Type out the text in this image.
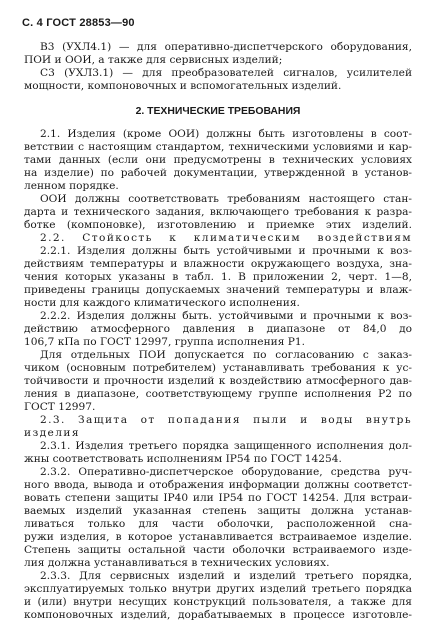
С. 4 ГОСТ 28853—90
В3 (УХЛ4.1) — для оперативно-диспетчерского оборудования,
ПОИ и ООИ, а также для сервисных изделий;
С3 (УХЛ3.1) — для преобразователей сигналов, усилителей
мощности, компоновочных и вспомогательных изделий.
2. ТЕХНИЧЕСКИЕ ТРЕБОВАНИЯ
2.1. Изделия (кроме ООИ) должны быть изготовлены в соот-
ветствии с настоящим стандартом, техническими условиями и кар-
тами данных (если они предусмотрены в технических условиях
на изделие) по рабочей документации, утвержденной в установ-
ленном порядке.
ООИ должны соответствовать требованиям настоящего стан-
дарта и технического задания, включающего требования к разра-
ботке (компоновке), изготовлению и приемке этих изделий.
2.2. Стойкость к климатическим воздействиям
2.2.1. Изделия должны быть устойчивыми и прочными к воз-
действиям температуры и влажности окружающего воздуха, зна-
чения которых указаны в табл. 1. В приложении 2, черт. 1—8,
приведены границы допускаемых значений температуры и влаж-
ности для каждого климатического исполнения.
2.2.2. Изделия должны быть. устойчивыми и прочными к воз-
действию атмосферного давления в диапазоне от 84,0 до
106,7 кПа по ГОСТ 12997, группа исполнения Р1.
Для отдельных ПОИ допускается по согласованию с заказ-
чиком (основным потребителем) устанавливать требования к ус-
тойчивости и прочности изделий к воздействию атмосферного дав-
ления в диапазоне, соответствующему группе исполнения Р2 по
ГОСТ 12997.
2.3. Защита от попадания пыли и воды внутрь
изделия
2.3.1. Изделия третьего порядка защищенного исполнения дол-
жны соответствовать исполнениям IP54 по ГОСТ 14254.
2.3.2. Оперативно-диспетчерское оборудование, средства руч-
ного ввода, вывода и отображения информации должны соответст-
вовать степени защиты IP40 или IP54 по ГОСТ 14254. Для встраи-
ваемых изделий указанная степень защиты должна устанав-
ливаться только для части оболочки, расположенной сна-
ружи изделия, в которое устанавливается встраиваемое изделие.
Степень защиты остальной части оболочки встраиваемого изде-
лия должна устанавливаться в технических условиях.
2.3.3. Для сервисных изделий и изделий третьего порядка,
эксплуатируемых только внутри других изделий третьего порядка
и (или) внутри несущих конструкций пользователя, а также для
компоновочных изделий, дорабатываемых в процессе изготовле-
